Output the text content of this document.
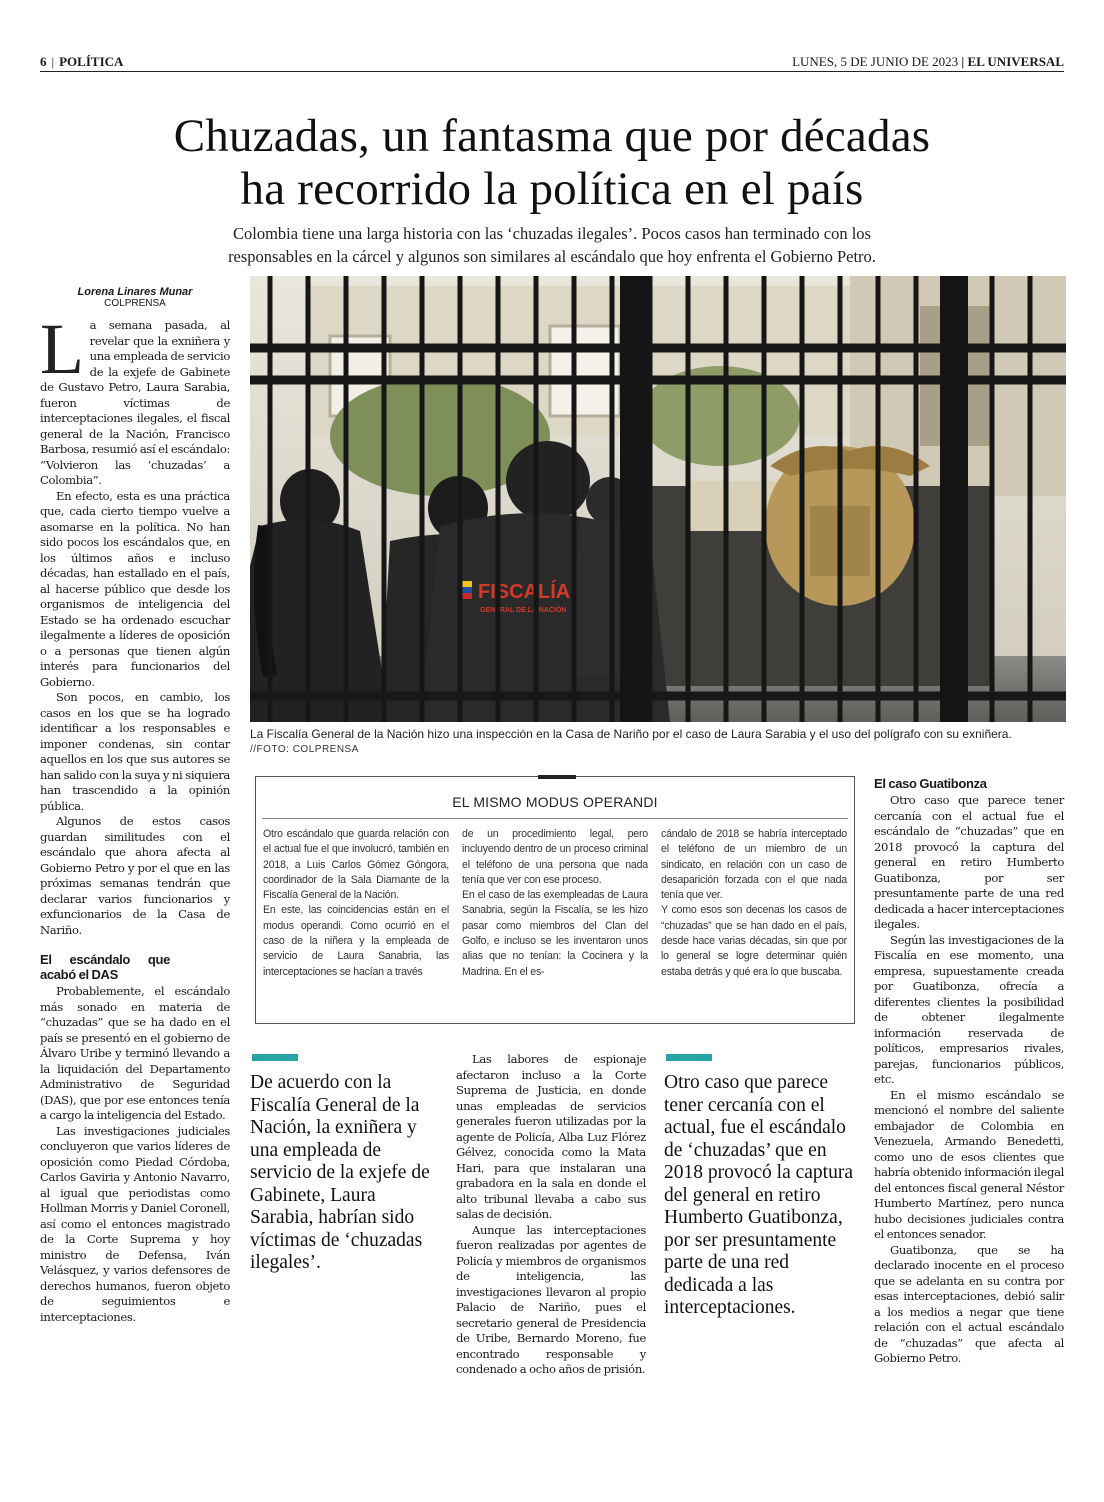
6 | POLÍTICA	LUNES, 5 DE JUNIO DE 2023 | EL UNIVERSAL
Chuzadas, un fantasma que por décadas
ha recorrido la política en el país
Colombia tiene una larga historia con las ‘chuzadas ilegales’. Pocos casos han terminado con los
responsables en la cárcel y algunos son similares al escándalo que hoy enfrenta el Gobierno Petro.
Lorena Linares Munar
COLPRENSA

La semana pasada, al revelar que la exniñera y una empleada de servicio de la exjefe de Gabinete de Gustavo Petro, Laura Sarabia, fueron víctimas de interceptaciones ilegales, el fiscal general de la Nación, Francisco Barbosa, resumió así el escándalo: “Volvieron las ‘chuzadas’ a Colombia”.

En efecto, esta es una práctica que, cada cierto tiempo vuelve a asomarse en la política. No han sido pocos los escándalos que, en los últimos años e incluso décadas, han estallado en el país, al hacerse público que desde los organismos de inteligencia del Estado se ha ordenado escuchar ilegalmente a líderes de oposición o a personas que tienen algún interés para funcionarios del Gobierno.

Son pocos, en cambio, los casos en los que se ha logrado identificar a los responsables e imponer condenas, sin contar aquellos en los que sus autores se han salido con la suya y ni siquiera han trascendido a la opinión pública.

Algunos de estos casos guardan similitudes con el escándalo que ahora afecta al Gobierno Petro y por el que en las próximas semanas tendrán que declarar varios funcionarios y exfuncionarios de la Casa de Nariño.

El escándalo que acabó el DAS

Probablemente, el escándalo más sonado en materia de “chuzadas” que se ha dado en el país se presentó en el gobierno de Álvaro Uribe y terminó llevando a la liquidación del Departamento Administrativo de Seguridad (DAS), que por ese entonces tenía a cargo la inteligencia del Estado.

Las investigaciones judiciales concluyeron que varios líderes de oposición como Piedad Córdoba, Carlos Gaviria y Antonio Navarro, al igual que periodistas como Hollman Morris y Daniel Coronell, así como el entonces magistrado de la Corte Suprema y hoy ministro de Defensa, Iván Velásquez, y varios defensores de derechos humanos, fueron objeto de seguimientos e interceptaciones.

FISCALÍA
GENERAL DE LA NACIÓN
La Fiscalía General de la Nación hizo una inspección en la Casa de Nariño por el caso de Laura Sarabia y el uso del polígrafo con su exniñera.
//FOTO: COLPRENSA
EL MISMO MODUS OPERANDI

Otro escándalo que guarda relación con el actual fue el que involucró, también en 2018, a Luis Carlos Gómez Góngora, coordinador de la Sala Diamante de la Fiscalía General de la Nación.

En este, las coincidencias están en el modus operandi. Como ocurrió en el caso de la niñera y la empleada de servicio de Laura Sanabria, las interceptaciones se hacían a través

de un procedimiento legal, pero incluyendo dentro de un proceso criminal el teléfono de una persona que nada tenía que ver con ese proceso.

En el caso de las exempleadas de Laura Sanabria, según la Fiscalía, se les hizo pasar como miembros del Clan del Golfo, e incluso se les inventaron unos alias que no tenían: la Cocinera y la Madrina. En el es-

cándalo de 2018 se habría interceptado el teléfono de un miembro de un sindicato, en relación con un caso de desaparición forzada con el que nada tenía que ver.

Y como esos son decenas los casos de “chuzadas” que se han dado en el país, desde hace varias décadas, sin que por lo general se logre determinar quién estaba detrás y qué era lo que buscaba.

De acuerdo con la Fiscalía General de la Nación, la exniñera y una empleada de servicio de la exjefe de Gabinete, Laura Sarabia, habrían sido víctimas de ‘chuzadas ilegales’.

Las labores de espionaje afectaron incluso a la Corte Suprema de Justicia, en donde unas empleadas de servicios generales fueron utilizadas por la agente de Policía, Alba Luz Flórez Gélvez, conocida como la Mata Hari, para que instalaran una grabadora en la sala en donde el alto tribunal llevaba a cabo sus salas de decisión.

Aunque las interceptaciones fueron realizadas por agentes de Policía y miembros de organismos de inteligencia, las investigaciones llevaron al propio Palacio de Nariño, pues el secretario general de Presidencia de Uribe, Bernardo Moreno, fue encontrado responsable y condenado a ocho años de prisión.

Otro caso que parece tener cercanía con el actual, fue el escándalo de ‘chuzadas’ que en 2018 provocó la captura del general en retiro Humberto Guatibonza, por ser presuntamente parte de una red dedicada a las interceptaciones.

El caso Guatibonza

Otro caso que parece tener cercanía con el actual fue el escándalo de “chuzadas” que en 2018 provocó la captura del general en retiro Humberto Guatibonza, por ser presuntamente parte de una red dedicada a hacer interceptaciones ilegales.

Según las investigaciones de la Fiscalía en ese momento, una empresa, supuestamente creada por Guatibonza, ofrecía a diferentes clientes la posibilidad de obtener ilegalmente información reservada de políticos, empresarios rivales, parejas, funcionarios públicos, etc.

En el mismo escándalo se mencionó el nombre del saliente embajador de Colombia en Venezuela, Armando Benedetti, como uno de esos clientes que habría obtenido información ilegal del entonces fiscal general Néstor Humberto Martínez, pero nunca hubo decisiones judiciales contra el entonces senador.

Guatibonza, que se ha declarado inocente en el proceso que se adelanta en su contra por esas interceptaciones, debió salir a los medios a negar que tiene relación con el actual escándalo de “chuzadas” que afecta al Gobierno Petro.
